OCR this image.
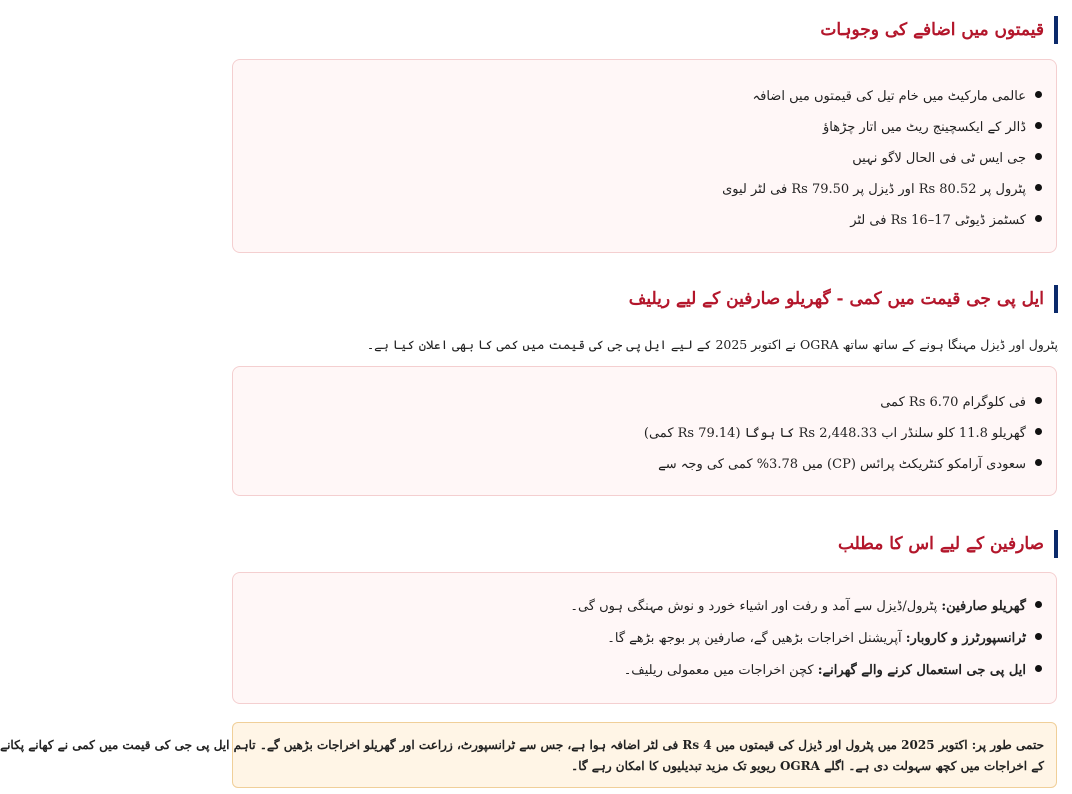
قیمتوں میں اضافے کی وجوہات
عالمی مارکیٹ میں خام تیل کی قیمتوں میں اضافہ
ڈالر کے ایکسچینج ریٹ میں اتار چڑھاؤ
جی ایس ٹی فی الحال لاگو نہیں
پٹرول پر Rs 80.52 اور ڈیزل پر Rs 79.50 فی لٹر لیوی
کسٹمز ڈیوٹی Rs 16–17 فی لٹر
ایل پی جی قیمت میں کمی - گھریلو صارفین کے لیے ریلیف
پٹرول اور ڈیزل مہنگا ہونے کے ساتھ ساتھ OGRA نے اکتوبر 2025 کے لیے ایل پی جی کی قیمت میں کمی کا بھی اعلان کیا ہے۔
فی کلوگرام Rs 6.70 کمی
گھریلو 11.8 کلو سلنڈر اب Rs 2,448.33 کا ہوگا (Rs 79.14 کمی)
سعودی آرامکو کنٹریکٹ پرائس (CP) میں 3.78% کمی کی وجہ سے
صارفین کے لیے اس کا مطلب
گھریلو صارفین: پٹرول/ڈیزل سے آمد و رفت اور اشیاء خورد و نوش مہنگی ہوں گی۔
ٹرانسپورٹرز و کاروبار: آپریشنل اخراجات بڑھیں گے، صارفین پر بوجھ بڑھے گا۔
ایل پی جی استعمال کرنے والے گھرانے: کچن اخراجات میں معمولی ریلیف۔
حتمی طور پر: اکتوبر 2025 میں پٹرول اور ڈیزل کی قیمتوں میں Rs 4 فی لٹر اضافہ ہوا ہے، جس سے ٹرانسپورٹ، زراعت اور گھریلو اخراجات بڑھیں گے۔ تاہم ایل پی جی کی قیمت میں کمی نے کھانے پکانے
کے اخراجات میں کچھ سہولت دی ہے۔ اگلے OGRA ریویو تک مزید تبدیلیوں کا امکان رہے گا۔
